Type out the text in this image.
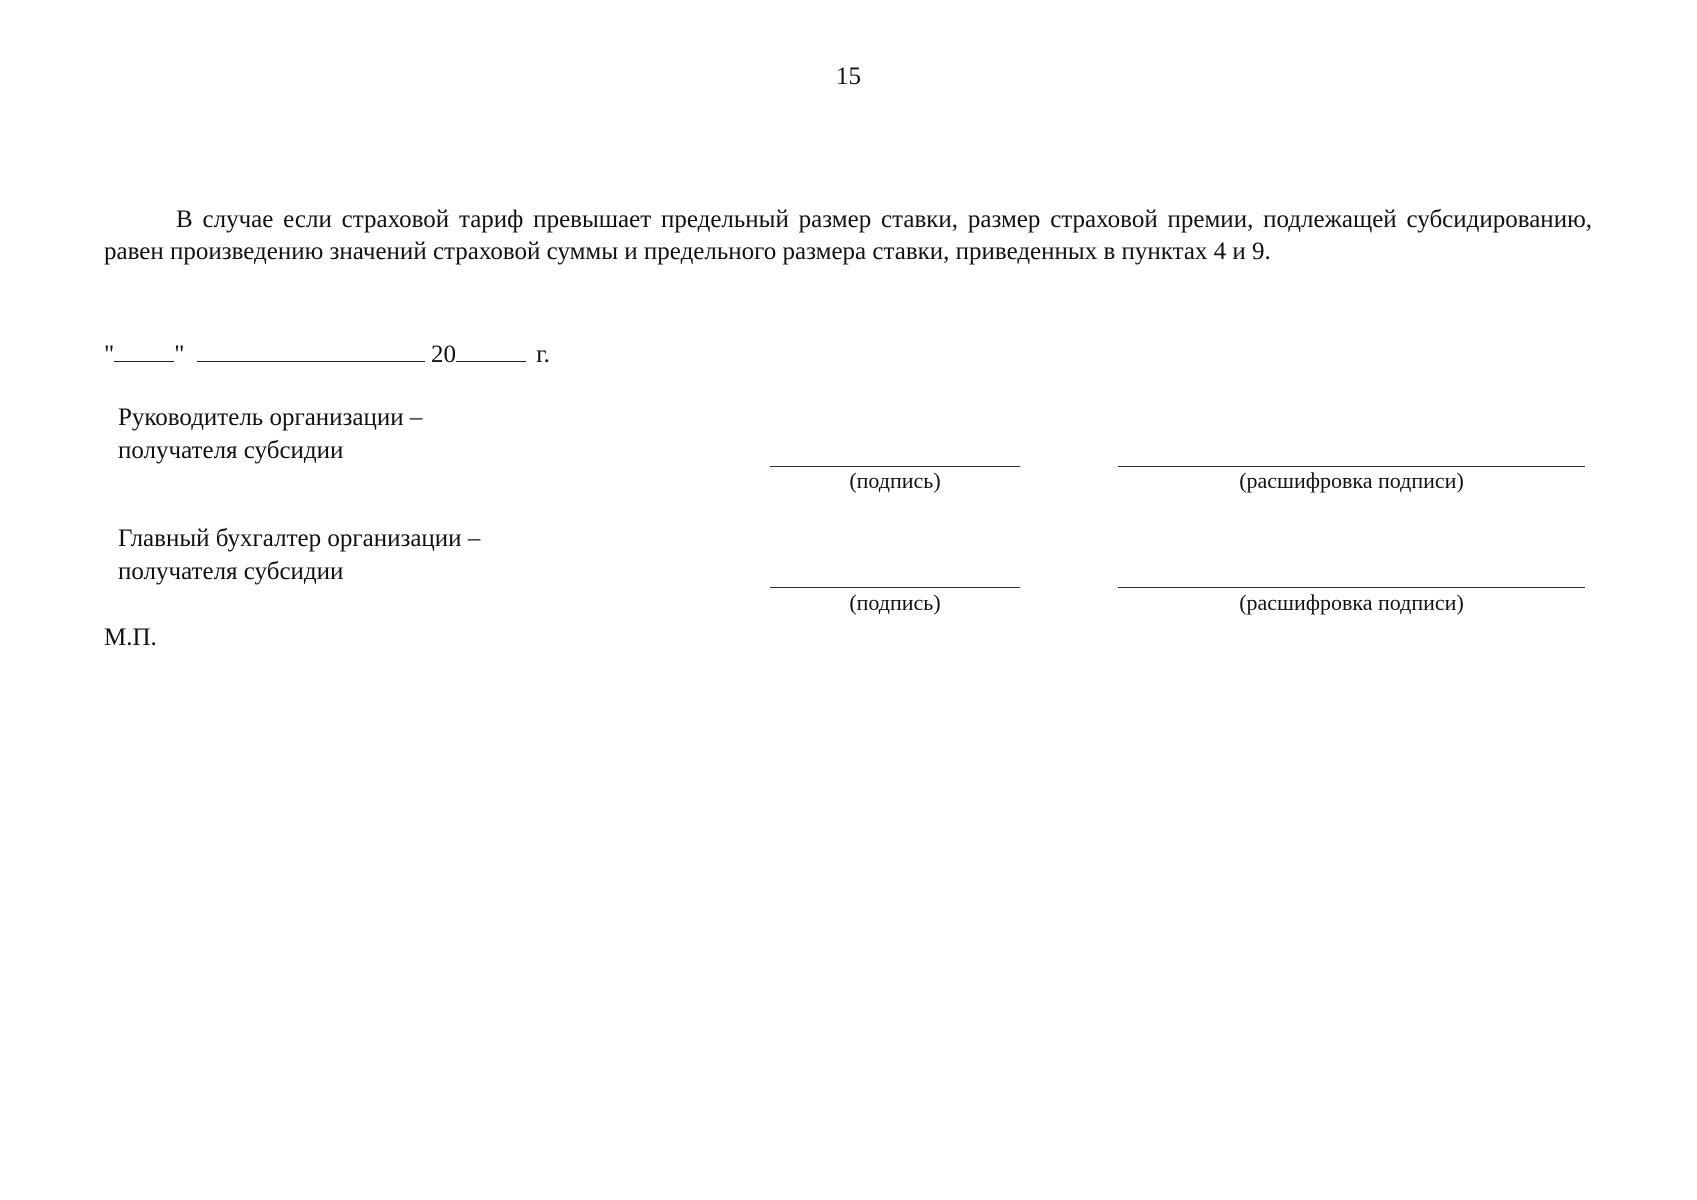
15
В случае если страховой тариф превышает предельный размер ставки, размер страховой премии, подлежащей субсидированию, равен произведению значений страховой суммы и предельного размера ставки, приведенных в пунктах 4 и 9.
" "	20	г.
Руководитель организации –
получателя субсидии
(подпись)	(расшифровка подписи)
Главный бухгалтер организации –
получателя субсидии
(подпись)	(расшифровка подписи)
М.П.
